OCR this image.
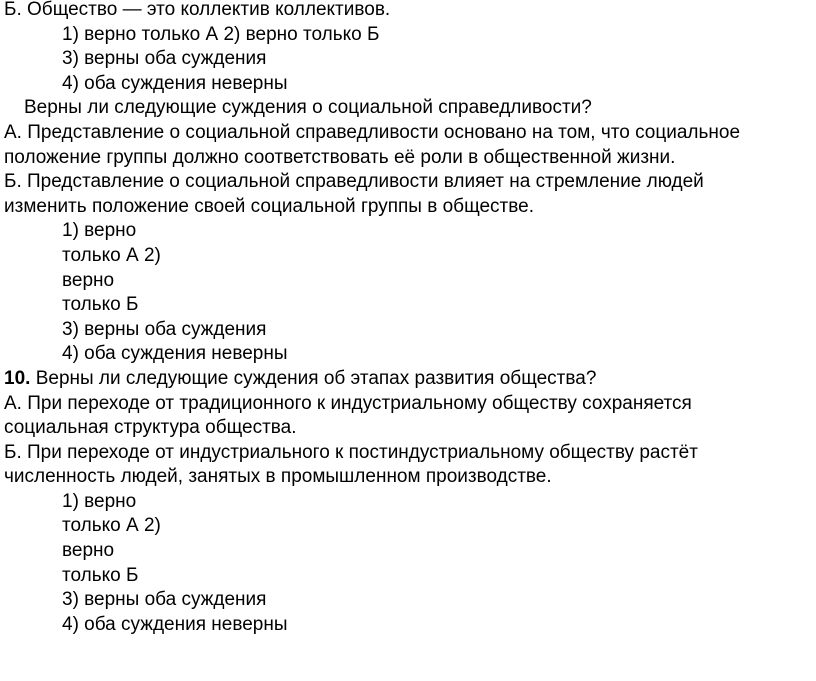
Б. Общество — это коллектив коллективов.
1) верно только А 2) верно только Б
3) верны оба суждения
4) оба суждения неверны
Верны ли следующие суждения о социальной справедливости?
А. Представление о социальной справедливости основано на том, что социальное
положение группы должно соответствовать её роли в общественной жизни.
Б. Представление о социальной справедливости влияет на стремление людей
изменить положение своей социальной группы в обществе.
1) верно
только А 2)
верно
только Б
3) верны оба суждения
4) оба суждения неверны
10. Верны ли следующие суждения об этапах развития общества?
А. При переходе от традиционного к индустриальному обществу сохраняется
социальная структура общества.
Б. При переходе от индустриального к постиндустриальному обществу растёт
численность людей, занятых в промышленном производстве.
1) верно
только А 2)
верно
только Б
3) верны оба суждения
4) оба суждения неверны
